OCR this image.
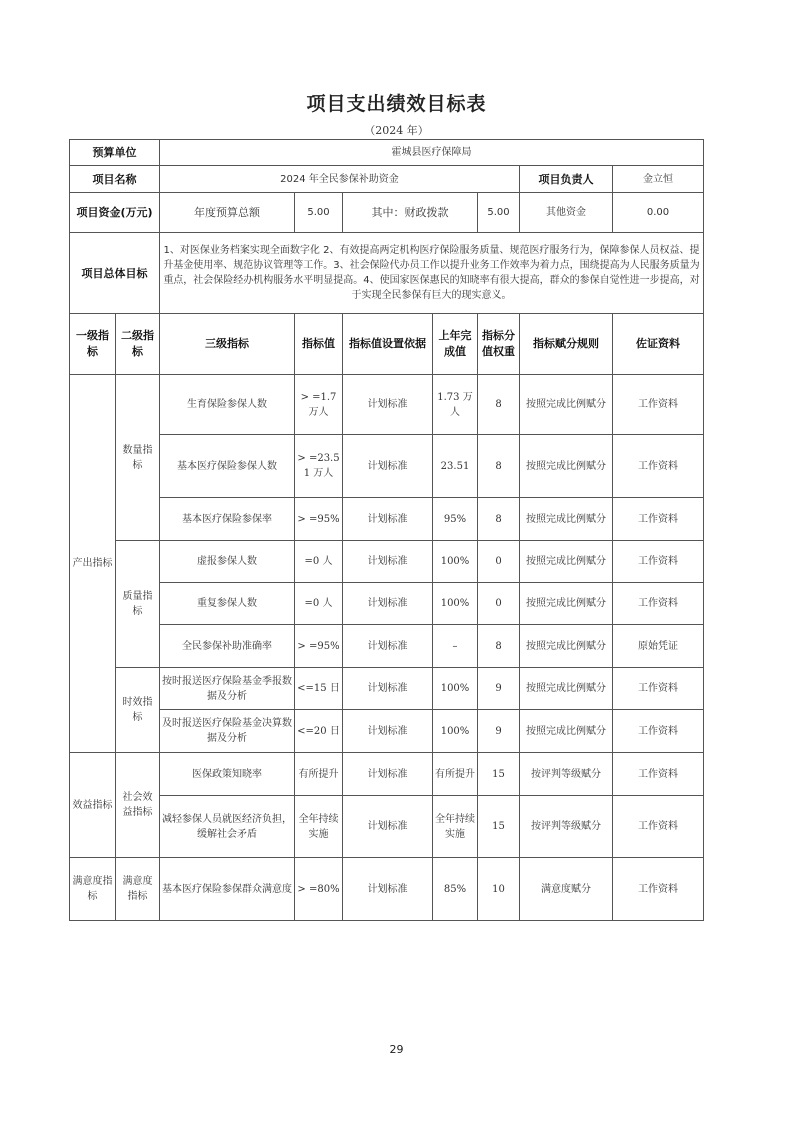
项目支出绩效目标表
（2024 年）
预算单位		霍城县医疗保障局						
项目名称		2024 年全民参保补助资金					项目负责人	金立恒
项目资金(万元)		年度预算总额	5.00	其中：财政拨款		5.00	其他资金	0.00
项目总体目标		1、对医保业务档案实现全面数字化 2、有效提高两定机构医疗保险服务质量、规范医疗服务行为，保障参保人员权益、提升基金使用率、规范协议管理等工作。3、社会保险代办员工作以提升业务工作效率为着力点，围绕提高为人民服务质量为重点，社会保险经办机构服务水平明显提高。4、使国家医保惠民的知晓率有很大提高，群众的参保自觉性进一步提高，对于实现全民参保有巨大的现实意义。						
一级指标	二级指标	三级指标	指标值	指标值设置依据	上年完成值	指标分值权重	指标赋分规则	佐证资料
产出指标	数量指标	生育保险参保人数	> =1.7 万人	计划标准	1.73 万人	8	按照完成比例赋分	工作资料
		基本医疗保险参保人数	> =23.5 1 万人	计划标准	23.51	8	按照完成比例赋分	工作资料
		基本医疗保险参保率	> =95%	计划标准	95%	8	按照完成比例赋分	工作资料
	质量指标	虚报参保人数	=0 人	计划标准	100%	0	按照完成比例赋分	工作资料
		重复参保人数	=0 人	计划标准	100%	0	按照完成比例赋分	工作资料
		全民参保补助准确率	> =95%	计划标准	–	8	按照完成比例赋分	原始凭证
	时效指标	按时报送医疗保险基金季报数据及分析	<=15 日	计划标准	100%	9	按照完成比例赋分	工作资料
		及时报送医疗保险基金决算数据及分析	<=20 日	计划标准	100%	9	按照完成比例赋分	工作资料
效益指标	社会效益指标	医保政策知晓率	有所提升	计划标准	有所提升	15	按评判等级赋分	工作资料
		减轻参保人员就医经济负担，缓解社会矛盾	全年持续实施	计划标准	全年持续实施	15	按评判等级赋分	工作资料
满意度指标	满意度指标	基本医疗保险参保群众满意度	> =80%	计划标准	85%	10	满意度赋分	工作资料
29
